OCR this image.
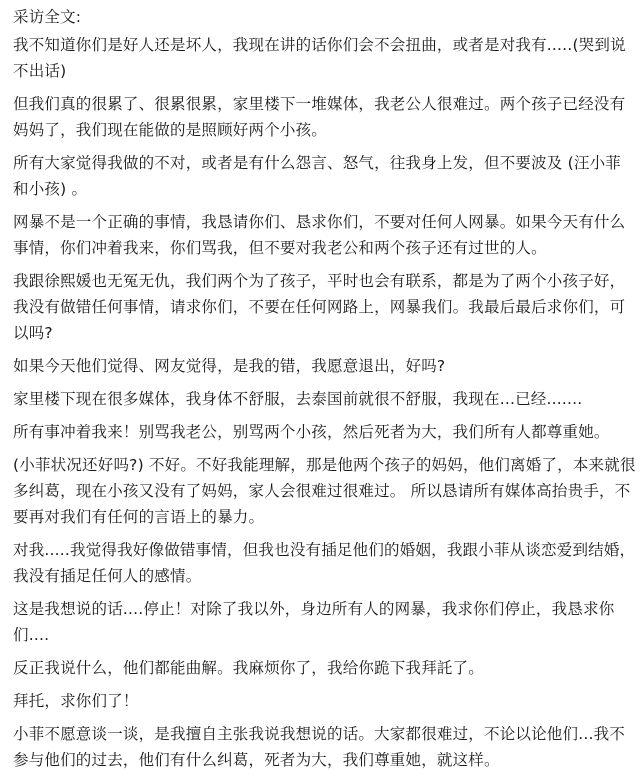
采访全文:

我不知道你们是好人还是坏人，我现在讲的话你们会不会扭曲，或者是对我有.....(哭到说不出话)

但我们真的很累了、很累很累，家里楼下一堆媒体，我老公人很难过。两个孩子已经没有妈妈了，我们现在能做的是照顾好两个小孩。

所有大家觉得我做的不对，或者是有什么怨言、怒气，往我身上发，但不要波及 (汪小菲和小孩) 。

网暴不是一个正确的事情，我恳请你们、恳求你们，不要对任何人网暴。如果今天有什么事情，你们冲着我来，你们骂我，但不要对我老公和两个孩子还有过世的人。

我跟徐熙媛也无冤无仇，我们两个为了孩子，平时也会有联系，都是为了两个小孩子好，我没有做错任何事情，请求你们，不要在任何网路上，网暴我们。我最后最后求你们，可以吗?

如果今天他们觉得、网友觉得，是我的错，我愿意退出，好吗?

家里楼下现在很多媒体，我身体不舒服，去泰国前就很不舒服，我现在...已经.......

所有事冲着我来！别骂我老公，别骂两个小孩，然后死者为大，我们所有人都尊重她。

(小菲状况还好吗?) 不好。不好我能理解，那是他两个孩子的妈妈，他们离婚了，本来就很多纠葛，现在小孩又没有了妈妈，家人会很难过很难过。 所以恳请所有媒体高抬贵手，不要再对我们有任何的言语上的暴力。

对我.....我觉得我好像做错事情，但我也没有插足他们的婚姻，我跟小菲从谈恋爱到结婚，我没有插足任何人的感情。

这是我想说的话....停止！对除了我以外，身边所有人的网暴，我求你们停止，我恳求你们....

反正我说什么，他们都能曲解。我麻烦你了，我给你跪下我拜託了。

拜托，求你们了！

小菲不愿意谈一谈，是我擅自主张我说我想说的话。大家都很难过，不论以论他们...我不参与他们的过去，他们有什么纠葛，死者为大，我们尊重她，就这样。
